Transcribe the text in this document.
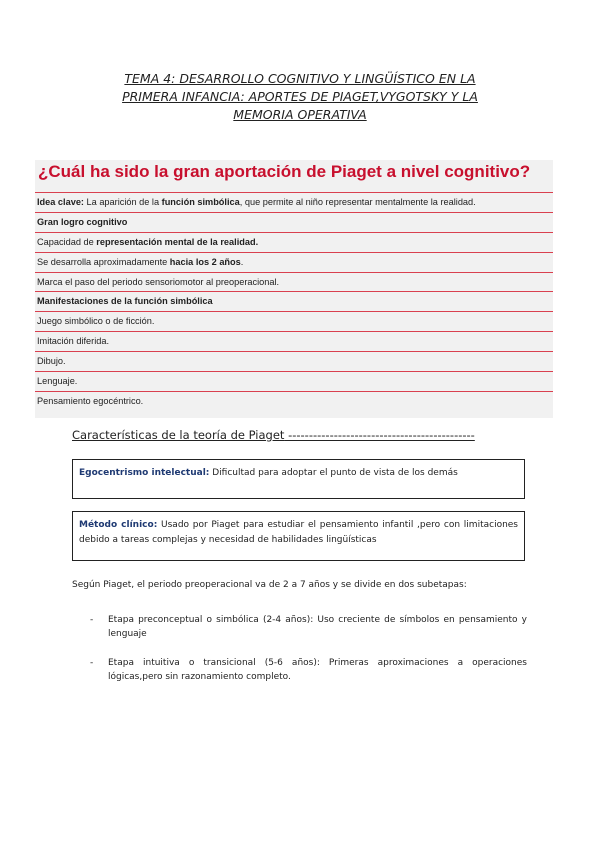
TEMA 4: DESARROLLO COGNITIVO Y LINGÜÍSTICO EN LA
PRIMERA INFANCIA: APORTES DE PIAGET,VYGOTSKY Y LA
MEMORIA OPERATIVA
¿Cuál ha sido la gran aportación de Piaget a nivel cognitivo?
Idea clave: La aparición de la función simbólica, que permite al niño representar mentalmente la realidad.
Gran logro cognitivo
Capacidad de representación mental de la realidad.
Se desarrolla aproximadamente hacia los 2 años.
Marca el paso del periodo sensoriomotor al preoperacional.
Manifestaciones de la función simbólica
Juego simbólico o de ficción.
Imitación diferida.
Dibujo.
Lenguaje.
Pensamiento egocéntrico.
Características de la teoría de Piaget ---------------------------------------------
Egocentrismo intelectual: Dificultad para adoptar el punto de vista de los demás
Método clínico: Usado por Piaget para estudiar el pensamiento infantil ,pero con limitaciones debido a tareas complejas y necesidad de habilidades lingüísticas
Según Piaget, el periodo preoperacional va de 2 a 7 años y se divide en dos subetapas:
- Etapa preconceptual o simbólica (2-4 años): Uso creciente de símbolos en pensamiento y lenguaje
- Etapa intuitiva o transicional (5-6 años): Primeras aproximaciones a operaciones lógicas,pero sin razonamiento completo.
